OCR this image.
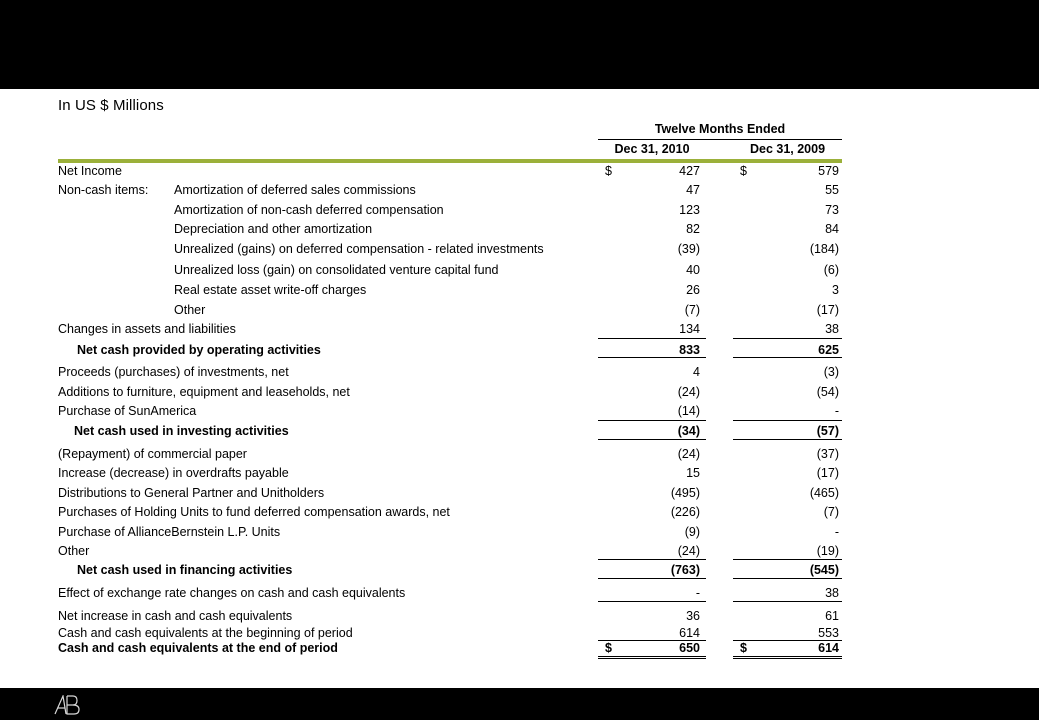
In US $ Millions
Twelve Months Ended
Dec 31, 2010	Dec 31, 2009
Net Income	$	427	$	579
Non-cash items: Amortization of deferred sales commissions	47	55
Amortization of non-cash deferred compensation	123	73
Depreciation and other amortization	82	84
Unrealized (gains) on deferred compensation - related investments	(39)	(184)
Unrealized loss (gain) on consolidated venture capital fund	40	(6)
Real estate asset write-off charges	26	3
Other	(7)	(17)
Changes in assets and liabilities	134	38
Net cash provided by operating activities	833	625
Proceeds (purchases) of investments, net	4	(3)
Additions to furniture, equipment and leaseholds, net	(24)	(54)
Purchase of SunAmerica	(14)	-
Net cash used in investing activities	(34)	(57)
(Repayment) of commercial paper	(24)	(37)
Increase (decrease) in overdrafts payable	15	(17)
Distributions to General Partner and Unitholders	(495)	(465)
Purchases of Holding Units to fund deferred compensation awards, net	(226)	(7)
Purchase of AllianceBernstein L.P. Units	(9)	-
Other	(24)	(19)
Net cash used in financing activities	(763)	(545)
Effect of exchange rate changes on cash and cash equivalents	-	38
Net increase in cash and cash equivalents	36	61
Cash and cash equivalents at the beginning of period	614	553
Cash and cash equivalents at the end of period	$	650	$	614
